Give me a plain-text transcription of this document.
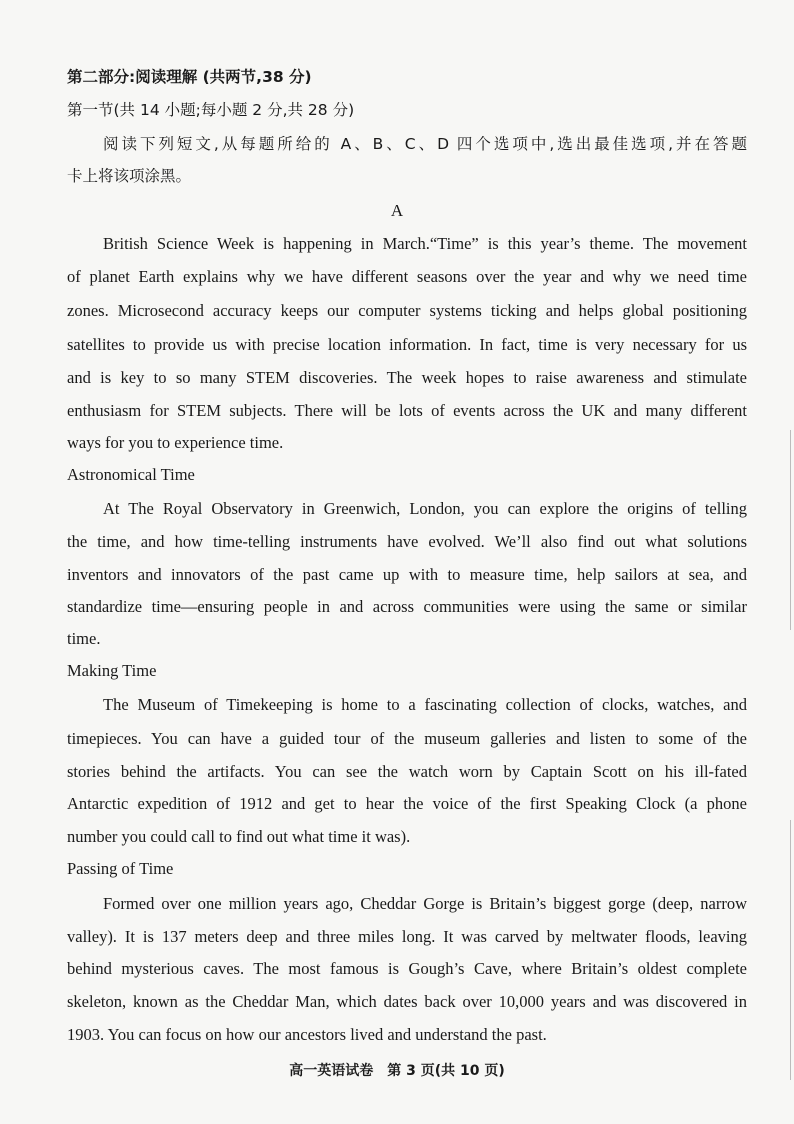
第二部分:阅读理解 (共两节,38 分)
第一节(共 14 小题;每小题 2 分,共 28 分)
阅读下列短文,从每题所给的 A、B、C、D 四个选项中,选出最佳选项,并在答题
卡上将该项涂黑。
A
British Science Week is happening in March.“Time” is this year’s theme. The movement
of planet Earth explains why we have different seasons over the year and why we need time
zones. Microsecond accuracy keeps our computer systems ticking and helps global positioning
satellites to provide us with precise location information. In fact, time is very necessary for us
and is key to so many STEM discoveries. The week hopes to raise awareness and stimulate
enthusiasm for STEM subjects. There will be lots of events across the UK and many different
ways for you to experience time.
Astronomical Time
At The Royal Observatory in Greenwich, London, you can explore the origins of telling
the time, and how time-telling instruments have evolved. We’ll also find out what solutions
inventors and innovators of the past came up with to measure time, help sailors at sea, and
standardize time—ensuring people in and across communities were using the same or similar
time.
Making Time
The Museum of Timekeeping is home to a fascinating collection of clocks, watches, and
timepieces. You can have a guided tour of the museum galleries and listen to some of the
stories behind the artifacts. You can see the watch worn by Captain Scott on his ill-fated
Antarctic expedition of 1912 and get to hear the voice of the first Speaking Clock (a phone
number you could call to find out what time it was).
Passing of Time
Formed over one million years ago, Cheddar Gorge is Britain’s biggest gorge (deep, narrow
valley). It is 137 meters deep and three miles long. It was carved by meltwater floods, leaving
behind mysterious caves. The most famous is Gough’s Cave, where Britain’s oldest complete
skeleton, known as the Cheddar Man, which dates back over 10,000 years and was discovered in
1903. You can focus on how our ancestors lived and understand the past.
高一英语试卷　第 3 页(共 10 页)
